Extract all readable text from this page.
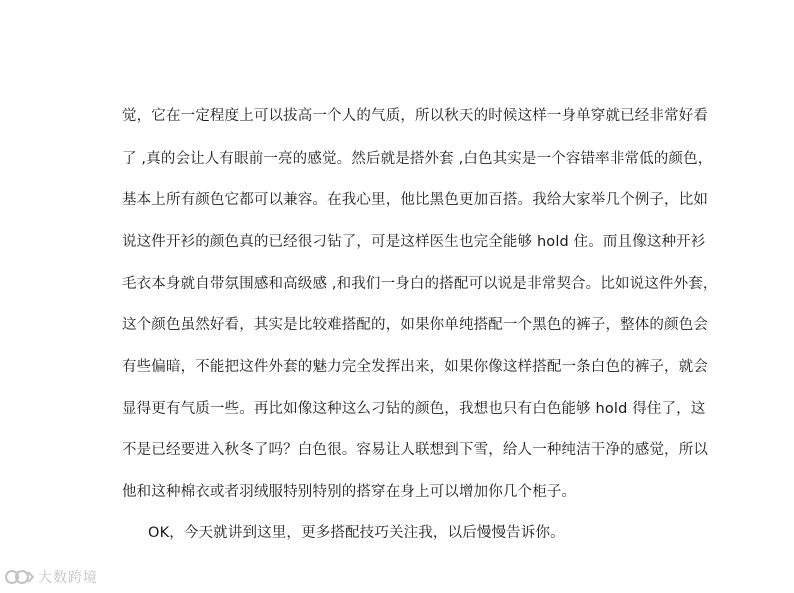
觉，它在一定程度上可以拔高一个人的气质，所以秋天的时候这样一身单穿就已经非常好看
了 ,真的会让人有眼前一亮的感觉。然后就是搭外套 ,白色其实是一个容错率非常低的颜色，
基本上所有颜色它都可以兼容。在我心里，他比黑色更加百搭。我给大家举几个例子，比如
说这件开衫的颜色真的已经很刁钻了，可是这样医生也完全能够 hold 住。而且像这种开衫
毛衣本身就自带氛围感和高级感 ,和我们一身白的搭配可以说是非常契合。比如说这件外套，
这个颜色虽然好看，其实是比较难搭配的，如果你单纯搭配一个黑色的裤子，整体的颜色会
有些偏暗，不能把这件外套的魅力完全发挥出来，如果你像这样搭配一条白色的裤子，就会
显得更有气质一些。再比如像这种这么刁钻的颜色，我想也只有白色能够 hold 得住了，这
不是已经要进入秋冬了吗？白色很。容易让人联想到下雪，给人一种纯洁干净的感觉，所以
他和这种棉衣或者羽绒服特别特别的搭穿在身上可以增加你几个柜子。
OK，今天就讲到这里，更多搭配技巧关注我，以后慢慢告诉你。
大数跨境
